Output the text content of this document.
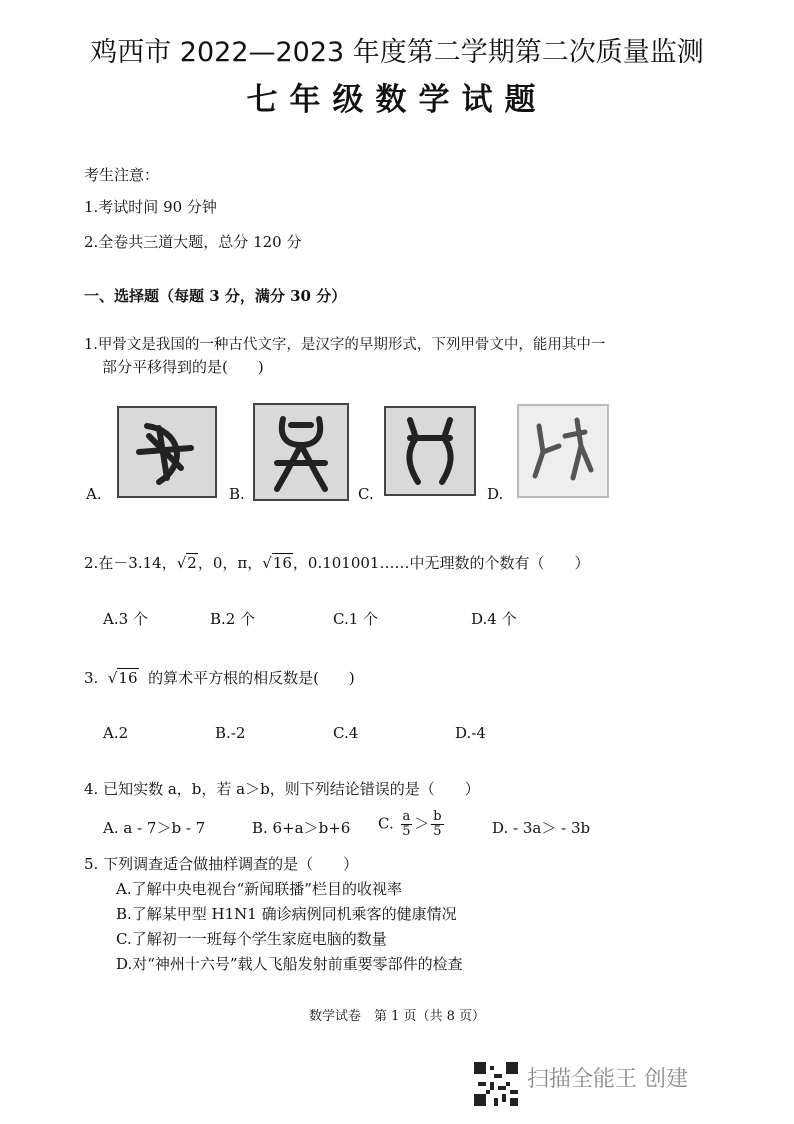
鸡西市 2022—2023 年度第二学期第二次质量监测
七年级数学试题
考生注意：
1.考试时间 90 分钟
2.全卷共三道大题，总分 120 分
一、选择题（每题 3 分，满分 30 分）
1.甲骨文是我国的一种古代文字，是汉字的早期形式，下列甲骨文中，能用其中一
部分平移得到的是(　　)
A.	B.	C.	D.
2.在－3.14，√2，0，π，√16，0.101001……中无理数的个数有（　　）
A.3 个	B.2 个	C.1 个	D.4 个
3. √16 的算术平方根的相反数是(　　)
A.2	B.-2	C.4	D.-4
4. 已知实数 a，b，若 a＞b，则下列结论错误的是（　　）
A. a - 7＞b - 7	B. 6+a＞b+6 C. $\frac{a}{5} > \frac{b}{5}$	D. - 3a＞ - 3b
5. 下列调查适合做抽样调查的是（　　）
A.了解中央电视台“新闻联播”栏目的收视率
B.了解某甲型 H1N1 确诊病例同机乘客的健康情况
C.了解初一一班每个学生家庭电脑的数量
D.对“神州十六号”载人飞船发射前重要零部件的检查
数学试卷　第 1 页（共 8 页）
扫描全能王 创建
